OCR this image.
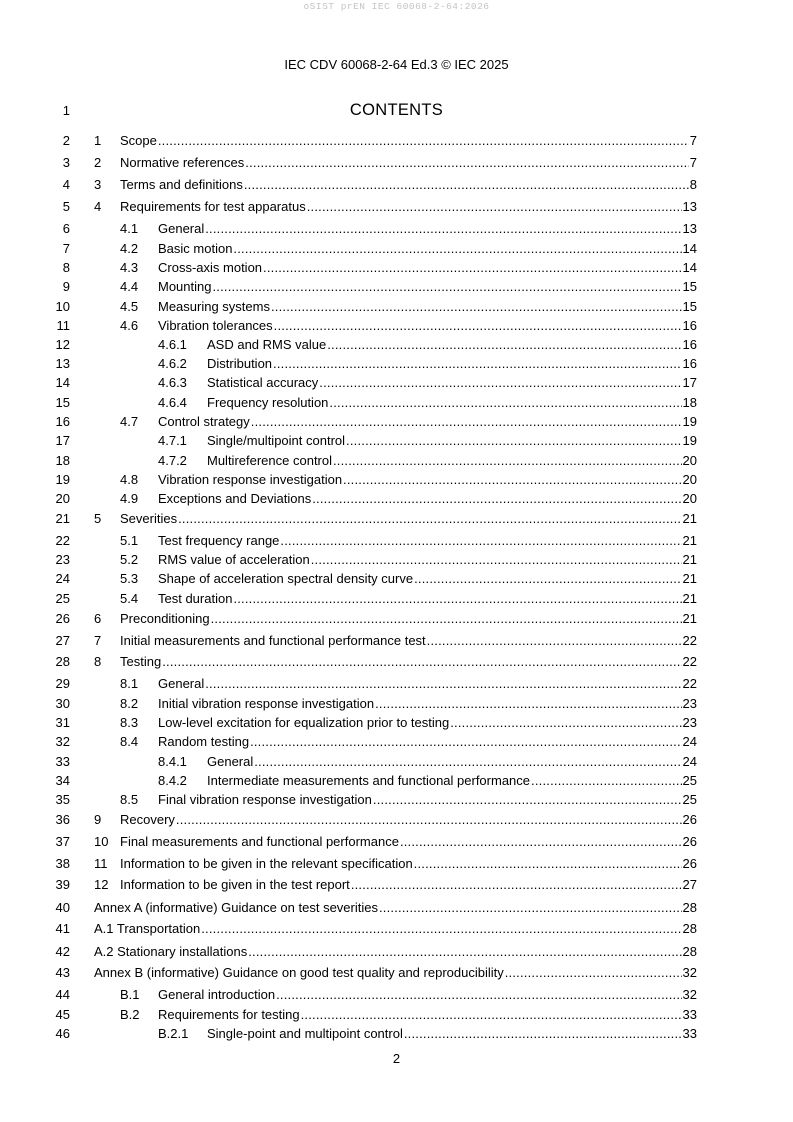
oSIST prEN IEC 60068-2-64:2026
IEC CDV 60068-2-64 Ed.3 © IEC 2025
1	CONTENTS
2 1 Scope .....	7
3 2 Normative references .....	7
4 3 Terms and definitions .....	8
5 4 Requirements for test apparatus .....	13
6	4.1 General .....	13
7	4.2 Basic motion .....	14
8	4.3 Cross-axis motion .....	14
9	4.4 Mounting .....	15
10	4.5 Measuring systems .....	15
11	4.6 Vibration tolerances .....	16
12	4.6.1 ASD and RMS value .....	16
13	4.6.2 Distribution .....	16
14	4.6.3 Statistical accuracy .....	17
15	4.6.4 Frequency resolution .....	18
16	4.7 Control strategy .....	19
17	4.7.1 Single/multipoint control .....	19
18	4.7.2 Multireference control .....	20
19	4.8 Vibration response investigation .....	20
20	4.9 Exceptions and Deviations .....	20
21 5 Severities .....	21
22	5.1 Test frequency range .....	21
23	5.2 RMS value of acceleration .....	21
24	5.3 Shape of acceleration spectral density curve .....	21
25	5.4 Test duration .....	21
26 6 Preconditioning .....	21
27 7 Initial measurements and functional performance test .....	22
28 8 Testing .....	22
29	8.1 General .....	22
30	8.2 Initial vibration response investigation .....	23
31	8.3 Low-level excitation for equalization prior to testing .....	23
32	8.4 Random testing .....	24
33	8.4.1 General .....	24
34	8.4.2 Intermediate measurements and functional performance .....	25
35	8.5 Final vibration response investigation .....	25
36 9 Recovery .....	26
37 10 Final measurements and functional performance .....	26
38 11 Information to be given in the relevant specification .....	26
39 12 Information to be given in the test report .....	27
40 Annex A (informative) Guidance on test severities .....	28
41 A.1 Transportation .....	28
42 A.2 Stationary installations .....	28
43 Annex B (informative) Guidance on good test quality and reproducibility .....	32
44	B.1 General introduction .....	32
45	B.2 Requirements for testing .....	33
46	B.2.1 Single-point and multipoint control .....	33
2
